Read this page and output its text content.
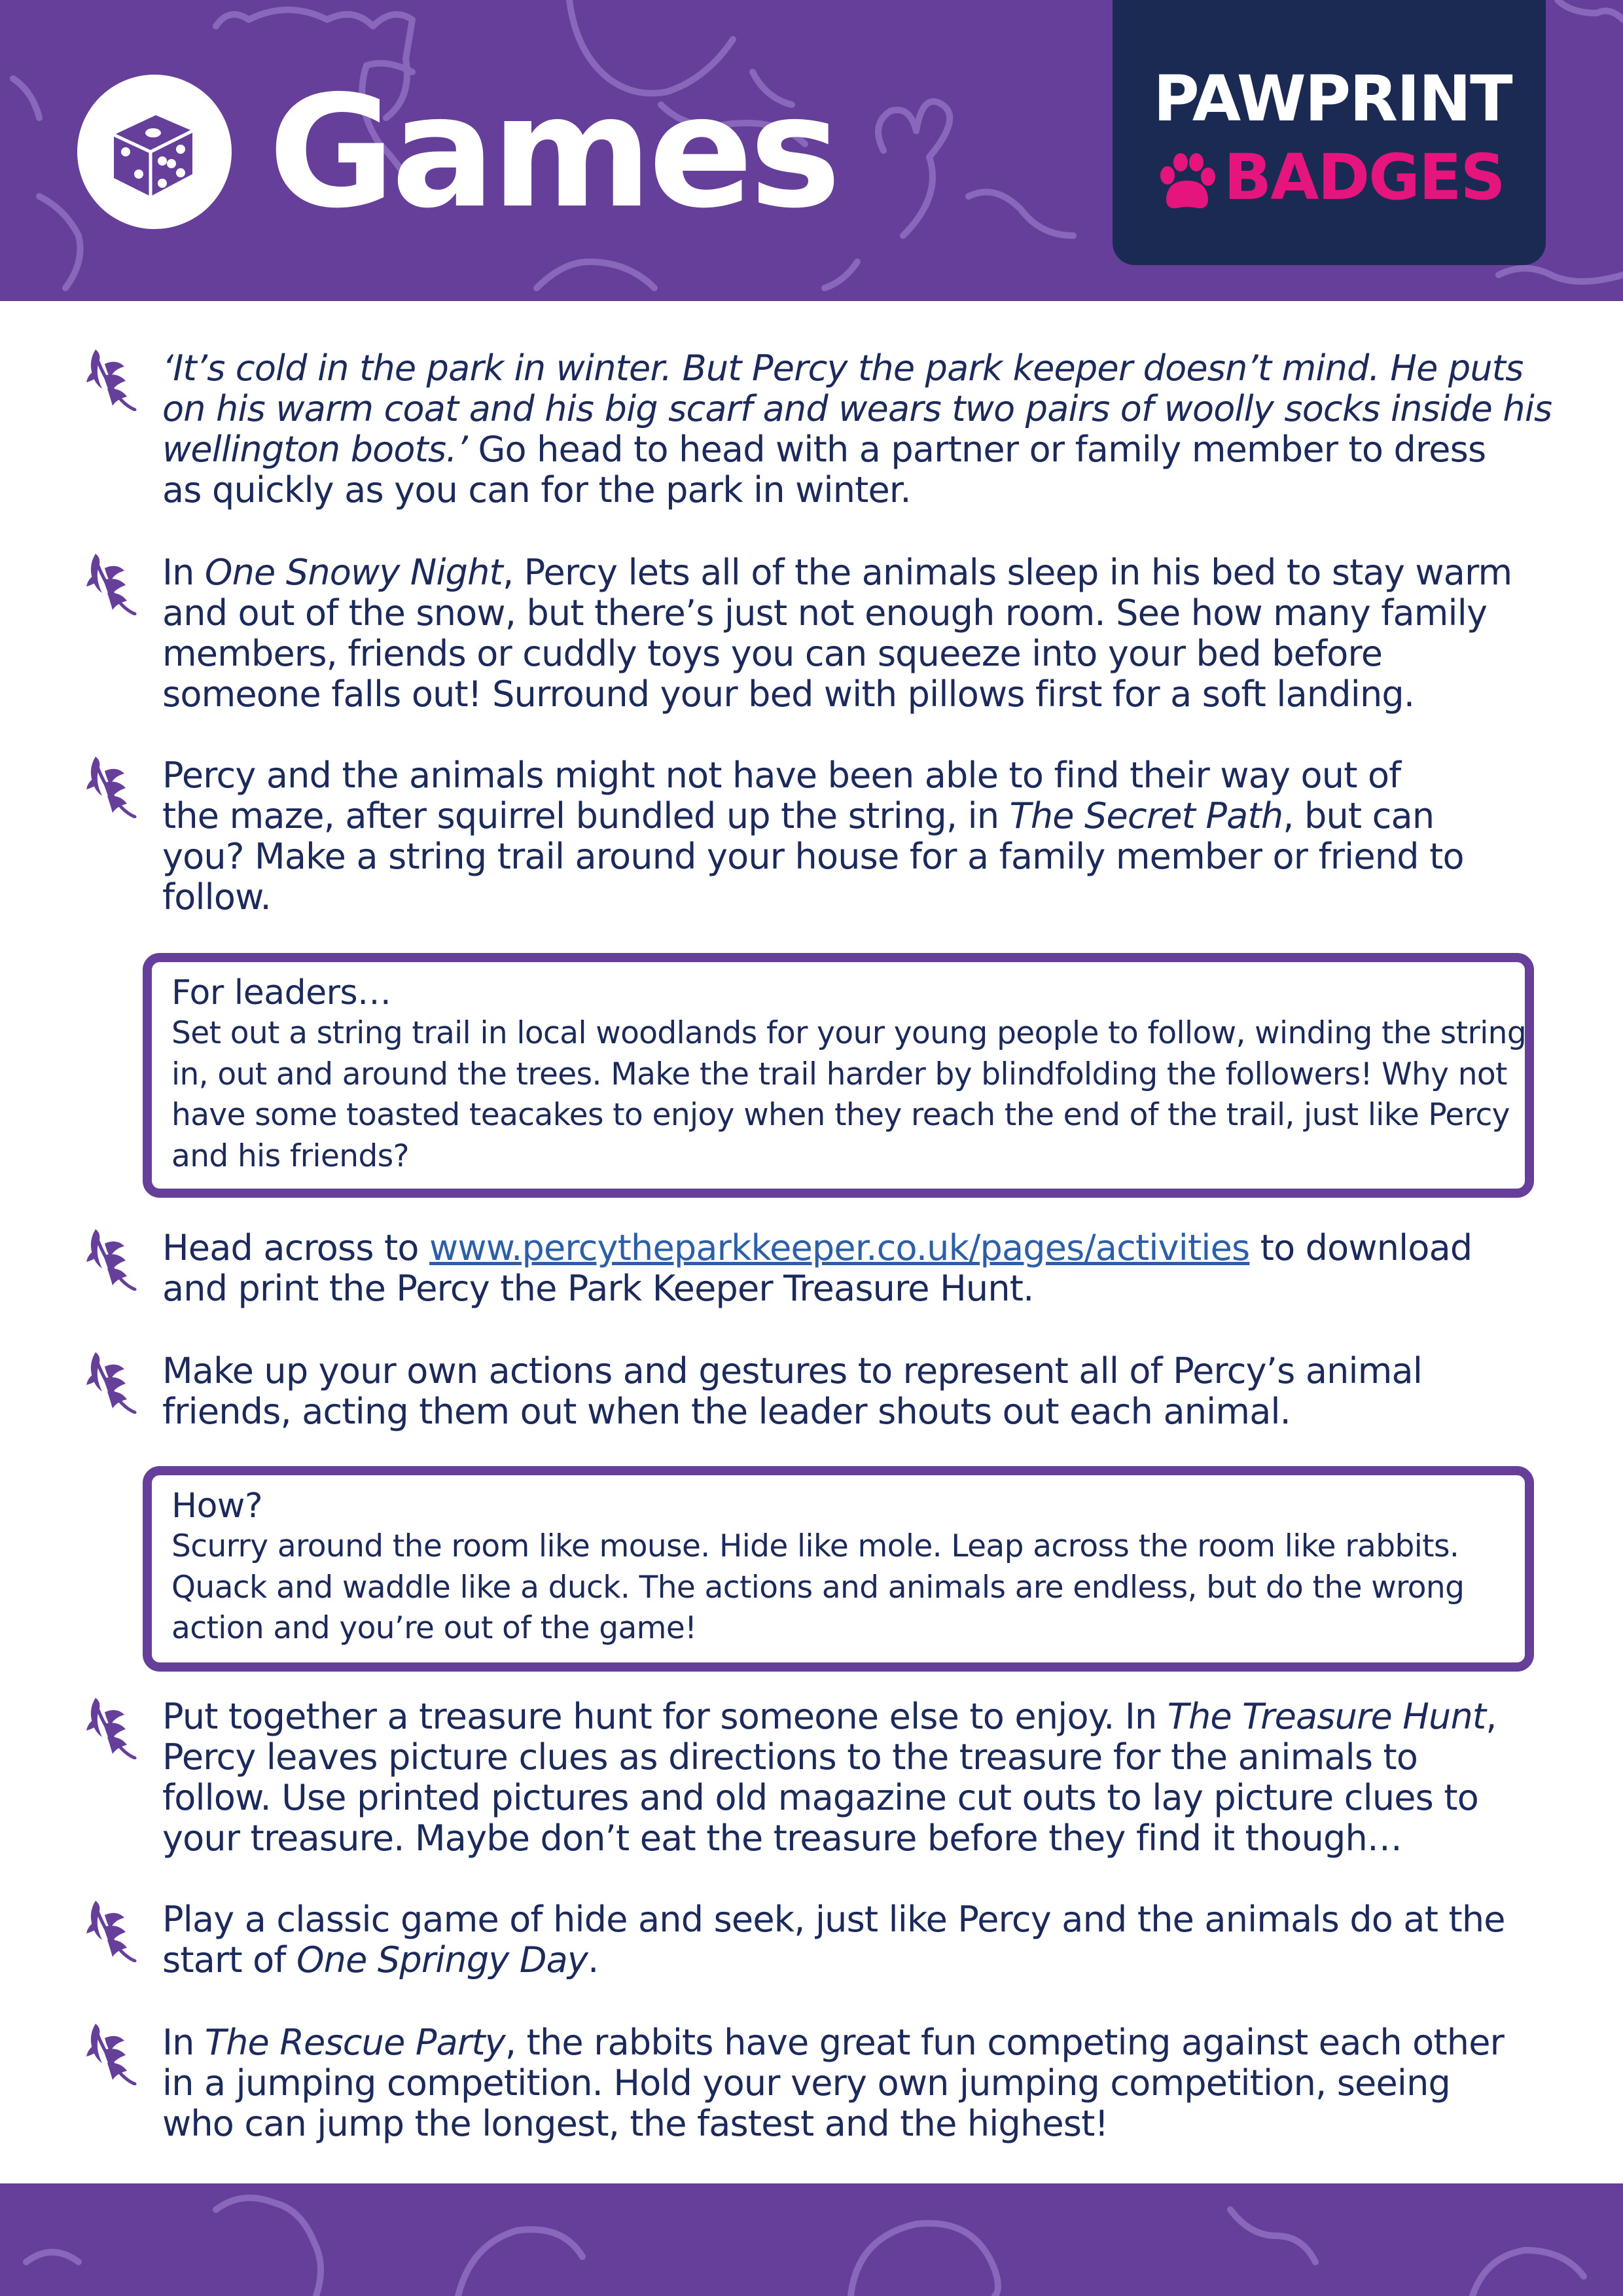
Games	PAWPRINT
BADGES
‘It’s cold in the park in winter. But Percy the park keeper doesn’t mind. He puts
on his warm coat and his big scarf and wears two pairs of woolly socks inside his
wellington boots.’ Go head to head with a partner or family member to dress
as quickly as you can for the park in winter.
In One Snowy Night, Percy lets all of the animals sleep in his bed to stay warm
and out of the snow, but there’s just not enough room. See how many family
members, friends or cuddly toys you can squeeze into your bed before
someone falls out! Surround your bed with pillows first for a soft landing.
Percy and the animals might not have been able to find their way out of
the maze, after squirrel bundled up the string, in The Secret Path, but can
you? Make a string trail around your house for a family member or friend to
follow.
For leaders…
Set out a string trail in local woodlands for your young people to follow, winding the string
in, out and around the trees. Make the trail harder by blindfolding the followers! Why not
have some toasted teacakes to enjoy when they reach the end of the trail, just like Percy
and his friends?
Head across to www.percytheparkkeeper.co.uk/pages/activities to download
and print the Percy the Park Keeper Treasure Hunt.
Make up your own actions and gestures to represent all of Percy’s animal
friends, acting them out when the leader shouts out each animal.
How?
Scurry around the room like mouse. Hide like mole. Leap across the room like rabbits.
Quack and waddle like a duck. The actions and animals are endless, but do the wrong
action and you’re out of the game!
Put together a treasure hunt for someone else to enjoy. In The Treasure Hunt,
Percy leaves picture clues as directions to the treasure for the animals to
follow. Use printed pictures and old magazine cut outs to lay picture clues to
your treasure. Maybe don’t eat the treasure before they find it though…
Play a classic game of hide and seek, just like Percy and the animals do at the
start of One Springy Day.
In The Rescue Party, the rabbits have great fun competing against each other
in a jumping competition. Hold your very own jumping competition, seeing
who can jump the longest, the fastest and the highest!
